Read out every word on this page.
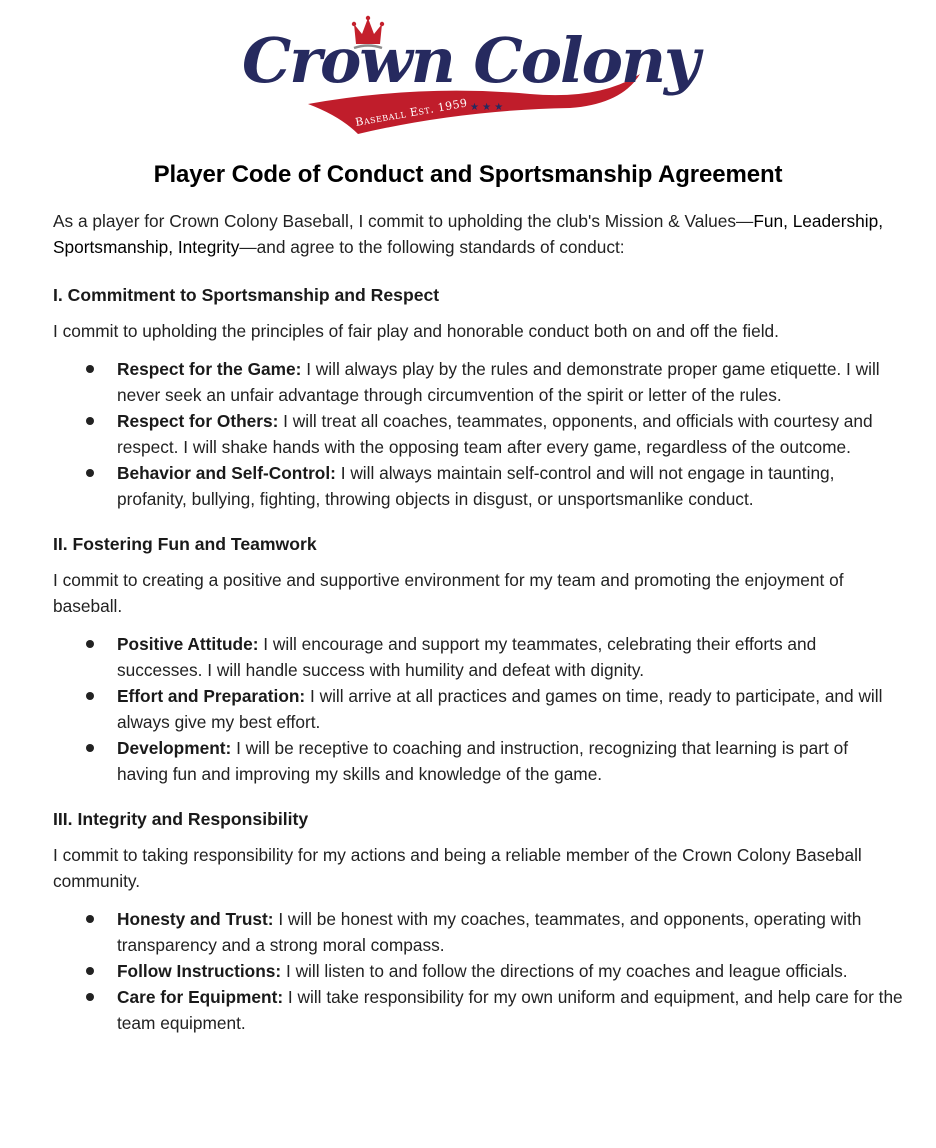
Crown Colony
Baseball Est. 1959 ★ ★ ★
Player Code of Conduct and Sportsmanship Agreement

As a player for Crown Colony Baseball, I commit to upholding the club's Mission & Values—Fun, Leadership, Sportsmanship, Integrity—and agree to the following standards of conduct:

I. Commitment to Sportsmanship and Respect

I commit to upholding the principles of fair play and honorable conduct both on and off the field.

Respect for the Game: I will always play by the rules and demonstrate proper game etiquette. I will never seek an unfair advantage through circumvention of the spirit or letter of the rules.
Respect for Others: I will treat all coaches, teammates, opponents, and officials with courtesy and respect. I will shake hands with the opposing team after every game, regardless of the outcome.
Behavior and Self-Control: I will always maintain self-control and will not engage in taunting, profanity, bullying, fighting, throwing objects in disgust, or unsportsmanlike conduct.
II. Fostering Fun and Teamwork

I commit to creating a positive and supportive environment for my team and promoting the enjoyment of baseball.

Positive Attitude: I will encourage and support my teammates, celebrating their efforts and successes. I will handle success with humility and defeat with dignity.
Effort and Preparation: I will arrive at all practices and games on time, ready to participate, and will always give my best effort.
Development: I will be receptive to coaching and instruction, recognizing that learning is part of having fun and improving my skills and knowledge of the game.
III. Integrity and Responsibility

I commit to taking responsibility for my actions and being a reliable member of the Crown Colony Baseball community.

Honesty and Trust: I will be honest with my coaches, teammates, and opponents, operating with transparency and a strong moral compass.
Follow Instructions: I will listen to and follow the directions of my coaches and league officials.
Care for Equipment: I will take responsibility for my own uniform and equipment, and help care for the team equipment.
